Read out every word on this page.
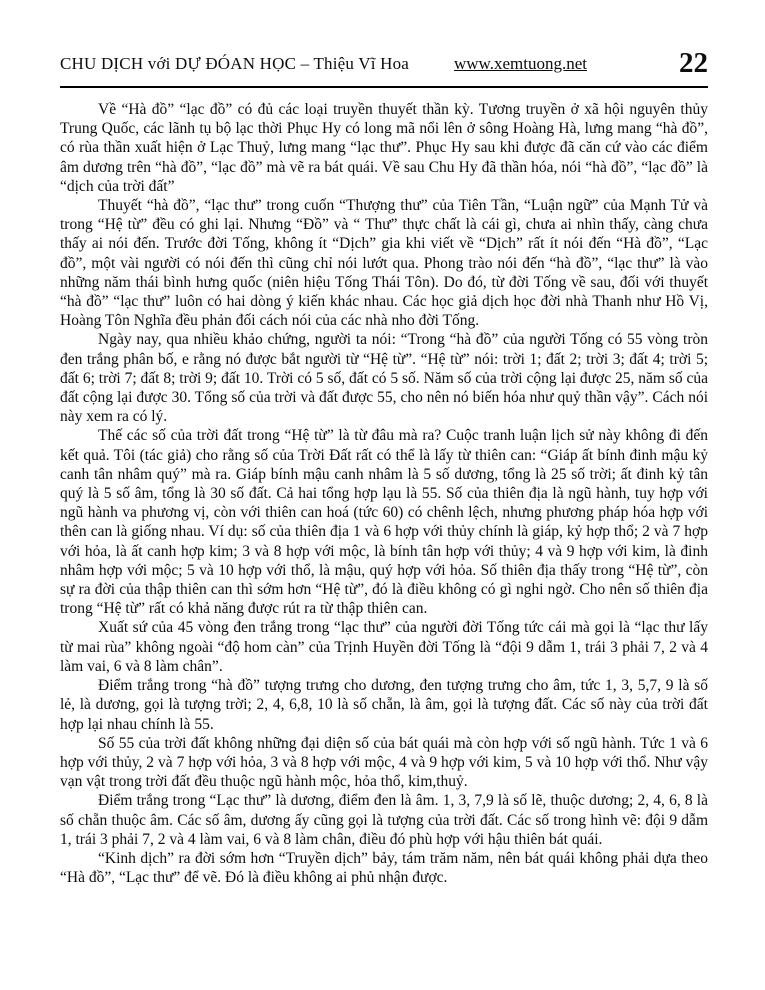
CHU DỊCH với DỰ ĐÓAN HỌC – Thiệu Vĩ Hoa	www.xemtuong.net	22

Về “Hà đồ” “lạc đồ” có đủ các loại truyền thuyết thần kỳ. Tương truyền ở xã hội nguyên thủy Trung Quốc, các lãnh tụ bộ lạc thời Phục Hy có long mã nổi lên ở sông Hoàng Hà, lưng mang “hà đồ”, có rùa thần xuất hiện ở Lạc Thuỷ, lưng mang “lạc thư”. Phục Hy sau khi được đã căn cứ vào các điểm âm dương trên “hà đồ”, “lạc đồ” mà vẽ ra bát quái. Về sau Chu Hy đã thần hóa, nói “hà đồ”, “lạc đồ” là “dịch của trời đất”

Thuyết “hà đồ”, “lạc thư” trong cuốn “Thượng thư” của Tiên Tần, “Luận ngữ” của Mạnh Tử và trong “Hệ từ” đều có ghi lại. Nhưng “Đồ” và “ Thư” thực chất là cái gì, chưa ai nhìn thấy, càng chưa thấy ai nói đến. Trước đời Tống, không ít “Dịch” gia khi viết về “Dịch” rất ít nói đến “Hà đồ”, “Lạc đồ”, một vài người có nói đến thì cũng chỉ nói lướt qua. Phong trào nói đến “hà đồ”, “lạc thư” là vào những năm thái bình hưng quốc (niên hiệu Tống Thái Tôn). Do đó, từ đời Tống về sau, đối với thuyết “hà đồ” “lạc thư” luôn có hai dòng ý kiến khác nhau. Các học giả dịch học đời nhà Thanh như Hồ Vị, Hoàng Tôn Nghĩa đều phản đối cách nói của các nhà nho đời Tống.

Ngày nay, qua nhiều khảo chứng, người ta nói: “Trong “hà đồ” của người Tống có 55 vòng tròn đen trắng phân bố, e rằng nó được bắt người từ “Hệ từ”. “Hệ từ” nói: trời 1; đất 2; trời 3; đất 4; trời 5; đất 6; trời 7; đất 8; trời 9; đất 10. Trời có 5 số, đất có 5 số. Năm số của trời cộng lại được 25, năm số của đất cộng lại được 30. Tổng số của trời và đất được 55, cho nên nó biến hóa như quỷ thần vậy”. Cách nói này xem ra có lý.

Thế các số của trời đất trong “Hệ từ” là từ đâu mà ra? Cuộc tranh luận lịch sử này không đi đến kết quả. Tôi (tác giả) cho rằng số của Trời Đất rất có thể là lấy từ thiên can: “Giáp ất bính đinh mậu kỷ canh tân nhâm quý” mà ra. Giáp bính mậu canh nhâm là 5 số dương, tổng là 25 số trời; ất đinh kỷ tân quý là 5 số âm, tổng là 30 số đất. Cả hai tổng hợp lạu là 55. Số của thiên địa là ngũ hành, tuy hợp với ngũ hành va phương vị, còn với thiên can hoá (tức 60) có chênh lệch, nhưng phương pháp hóa hợp với thên can là giống nhau. Ví dụ: số của thiên địa 1 và 6 hợp với thủy chính là giáp, kỷ hợp thổ; 2 và 7 hợp với hỏa, là ất canh hợp kim; 3 và 8 hợp với mộc, là bính tân hợp với thủy; 4 và 9 hợp với kim, là đinh nhâm hợp với mộc; 5 và 10 hợp với thổ, là mậu, quý hợp với hỏa. Số thiên địa thấy trong “Hệ từ”, còn sự ra đời của thập thiên can thì sớm hơn “Hệ từ”, đó là điều không có gì nghi ngờ. Cho nên số thiên địa trong “Hệ từ” rất có khả năng được rút ra từ thập thiên can.

Xuất sứ của 45 vòng đen trắng trong “lạc thư” của người đời Tống tức cái mà gọi là “lạc thư lấy từ mai rùa” không ngoài “độ hom càn” của Trịnh Huyền đời Tống là “đội 9 dẫm 1, trái 3 phải 7, 2 và 4 làm vai, 6 và 8 làm chân”.

Điểm trắng trong “hà đồ” tượng trưng cho dương, đen tượng trưng cho âm, tức 1, 3, 5,7, 9 là số lẻ, là dương, gọi là tượng trời; 2, 4, 6,8, 10 là số chẵn, là âm, gọi là tượng đất. Các số này của trời đất hợp lại nhau chính là 55.

Số 55 của trời đất không những đại diện số của bát quái mà còn hợp với số ngũ hành. Tức 1 và 6 hợp với thủy, 2 và 7 hợp với hỏa, 3 và 8 hợp với mộc, 4 và 9 hợp với kim, 5 và 10 hợp với thổ. Như vậy vạn vật trong trời đất đều thuộc ngũ hành mộc, hỏa thổ, kim,thuỷ.

Điểm trắng trong “Lạc thư” là dương, điểm đen là âm. 1, 3, 7,9 là số lẽ, thuộc dương; 2, 4, 6, 8 là số chẵn thuộc âm. Các số âm, dương ấy cũng gọi là tượng của trời đất. Các số trong hình vẽ: đội 9 dẫm 1, trái 3 phải 7, 2 và 4 làm vai, 6 và 8 làm chân, điều đó phù hợp với hậu thiên bát quái.

“Kinh dịch” ra đời sớm hơn “Truyền dịch” bảy, tám trăm năm, nên bát quái không phải dựa theo “Hà đồ”, “Lạc thư” để vẽ. Đó là điều không ai phủ nhận được.
